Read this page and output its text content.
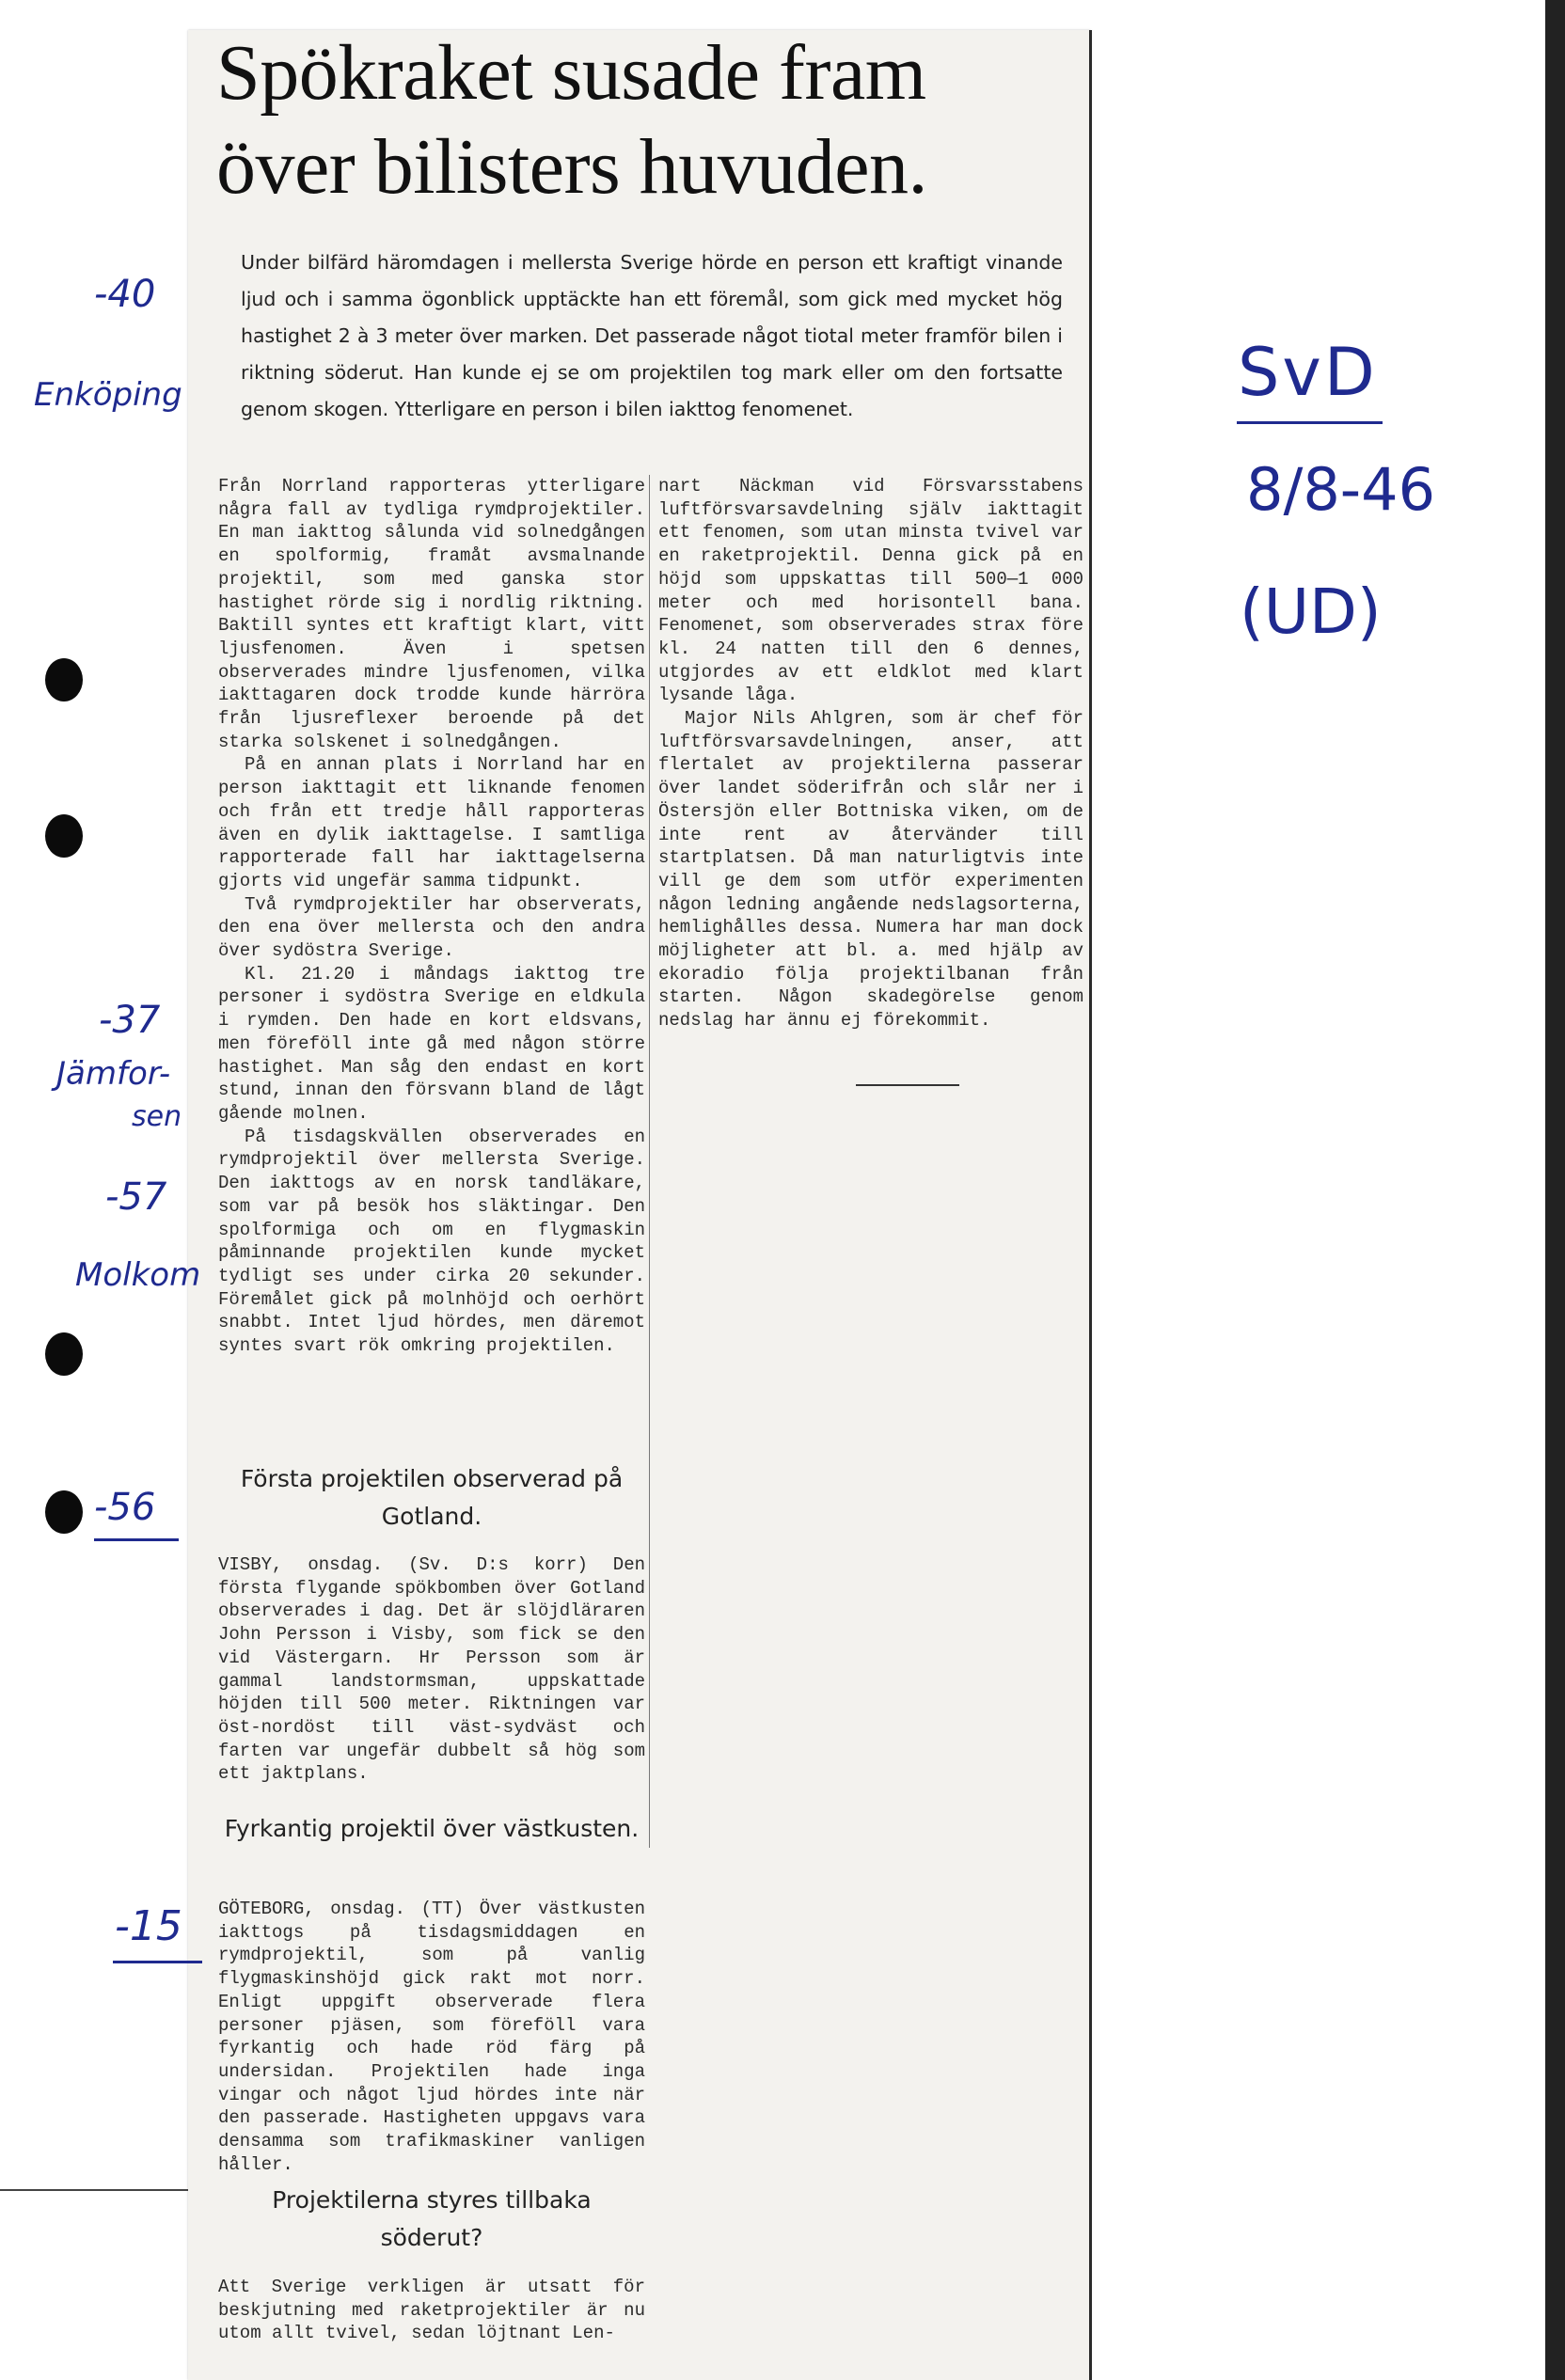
Spökraket susade fram över bilisters huvuden.

Under bilfärd häromdagen i mellersta Sverige hörde en person ett kraftigt vinande ljud och i samma ögonblick upptäckte han ett föremål, som gick med mycket hög hastighet 2 à 3 meter över marken. Det passerade något tiotal meter framför bilen i riktning söderut. Han kunde ej se om projektilen tog mark eller om den fortsatte genom skogen. Ytterligare en person i bilen iakttog fenomenet.

Från Norrland rapporteras ytterligare några fall av tydliga rymdprojektiler. En man iakttog sålunda vid solnedgången en spolformig, framåt avsmalnande projektil, som med ganska stor hastighet rörde sig i nordlig riktning. Baktill syntes ett kraftigt klart, vitt ljusfenomen. Även i spetsen observerades mindre ljusfenomen, vilka iakttagaren dock trodde kunde härröra från ljusreflexer beroende på det starka solskenet i solnedgången.

På en annan plats i Norrland har en person iakttagit ett liknande fenomen och från ett tredje håll rapporteras även en dylik iakttagelse. I samtliga rapporterade fall har iakttagelserna gjorts vid ungefär samma tidpunkt.

Två rymdprojektiler har observerats, den ena över mellersta och den andra över sydöstra Sverige.

Kl. 21.20 i måndags iakttog tre personer i sydöstra Sverige en eldkula i rymden. Den hade en kort eldsvans, men föreföll inte gå med någon större hastighet. Man såg den endast en kort stund, innan den försvann bland de lågt gående molnen.

På tisdagskvällen observerades en rymdprojektil över mellersta Sverige. Den iakttogs av en norsk tandläkare, som var på besök hos släktingar. Den spolformiga och om en flygmaskin påminnande projektilen kunde mycket tydligt ses under cirka 20 sekunder. Föremålet gick på molnhöjd och oerhört snabbt. Intet ljud hördes, men däremot syntes svart rök omkring projektilen.

nart Näckman vid Försvarsstabens luftförsvarsavdelning själv iakttagit ett fenomen, som utan minsta tvivel var en raketprojektil. Denna gick på en höjd som uppskattas till 500—1 000 meter och med horisontell bana. Fenomenet, som observerades strax före kl. 24 natten till den 6 dennes, utgjordes av ett eldklot med klart lysande låga.

Major Nils Ahlgren, som är chef för luftförsvarsavdelningen, anser, att flertalet av projektilerna passerar över landet söderifrån och slår ner i Östersjön eller Bottniska viken, om de inte rent av återvänder till startplatsen. Då man naturligtvis inte vill ge dem som utför experimenten någon ledning angående nedslagsorterna, hemlighålles dessa. Numera har man dock möjligheter att bl. a. med hjälp av ekoradio följa projektilbanan från starten. Någon skadegörelse genom nedslag har ännu ej förekommit.

Första projektilen observerad på Gotland.

VISBY, onsdag. (Sv. D:s korr) Den första flygande spökbomben över Gotland observerades i dag. Det är slöjdläraren John Persson i Visby, som fick se den vid Västergarn. Hr Persson som är gammal landstormsman, uppskattade höjden till 500 meter. Riktningen var öst-nordöst till väst-sydväst och farten var ungefär dubbelt så hög som ett jaktplans.

Fyrkantig projektil över västkusten.

GÖTEBORG, onsdag. (TT) Över västkusten iakttogs på tisdagsmiddagen en rymdprojektil, som på vanlig flygmaskinshöjd gick rakt mot norr. Enligt uppgift observerade flera personer pjäsen, som föreföll vara fyrkantig och hade röd färg på undersidan. Projektilen hade inga vingar och något ljud hördes inte när den passerade. Hastigheten uppgavs vara densamma som trafikmaskiner vanligen håller.

Projektilerna styres tillbaka söderut?

Att Sverige verkligen är utsatt för beskjutning med raketprojektiler är nu utom allt tvivel, sedan löjtnant Len-

-40
Enköping	SvD
8/8-46
(UD)
-37
Jämfor-
sen
-57
Molkom
-56
-15
